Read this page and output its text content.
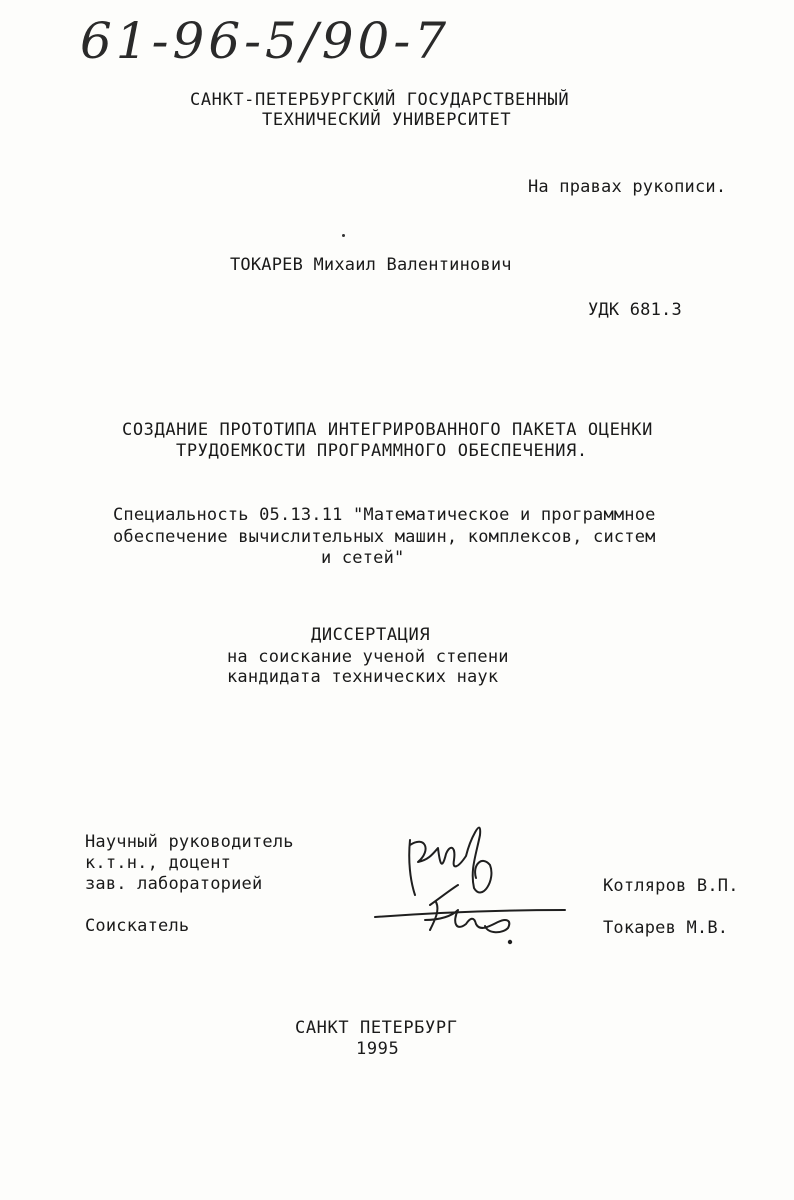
61-96-5/90-7
САНКТ-ПЕТЕРБУРГСКИЙ ГОСУДАРСТВЕННЫЙ
ТЕХНИЧЕСКИЙ УНИВЕРСИТЕТ
На правах рукописи.
ТОКАРЕВ Михаил Валентинович
УДК 681.3
СОЗДАНИЕ ПРОТОТИПА ИНТЕГРИРОВАННОГО ПАКЕТА ОЦЕНКИ
ТРУДОЕМКОСТИ ПРОГРАММНОГО ОБЕСПЕЧЕНИЯ.
Специальность 05.13.11 "Математическое и программное
обеспечение вычислительных машин, комплексов, систем
и сетей"
ДИССЕРТАЦИЯ
на соискание ученой степени
кандидата технических наук
Научный руководитель
к.т.н., доцент
зав. лабораторией	Котляров В.П.
Соискатель	Токарев М.В.
САНКТ ПЕТЕРБУРГ
1995
